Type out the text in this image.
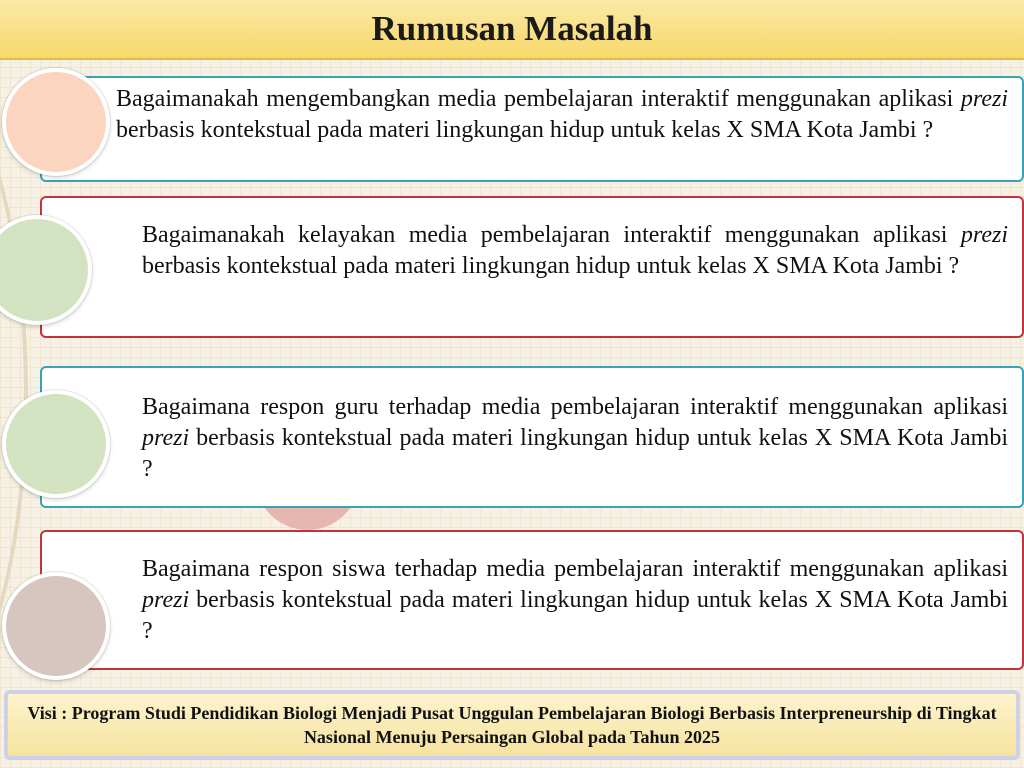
Rumusan Masalah

Bagaimanakah mengembangkan media pembelajaran interaktif menggunakan aplikasi prezi berbasis kontekstual pada materi lingkungan hidup untuk kelas X SMA Kota Jambi ?

Bagaimanakah kelayakan media pembelajaran interaktif menggunakan aplikasi prezi berbasis kontekstual pada materi lingkungan hidup untuk kelas X SMA Kota Jambi ?

Bagaimana respon guru terhadap media pembelajaran interaktif menggunakan aplikasi prezi berbasis kontekstual pada materi lingkungan hidup untuk kelas X SMA Kota Jambi ?

Bagaimana respon siswa terhadap media pembelajaran interaktif menggunakan aplikasi prezi berbasis kontekstual pada materi lingkungan hidup untuk kelas X SMA Kota Jambi ?

Visi : Program Studi Pendidikan Biologi Menjadi Pusat Unggulan Pembelajaran Biologi Berbasis Interpreneurship di Tingkat Nasional Menuju Persaingan Global pada Tahun 2025
